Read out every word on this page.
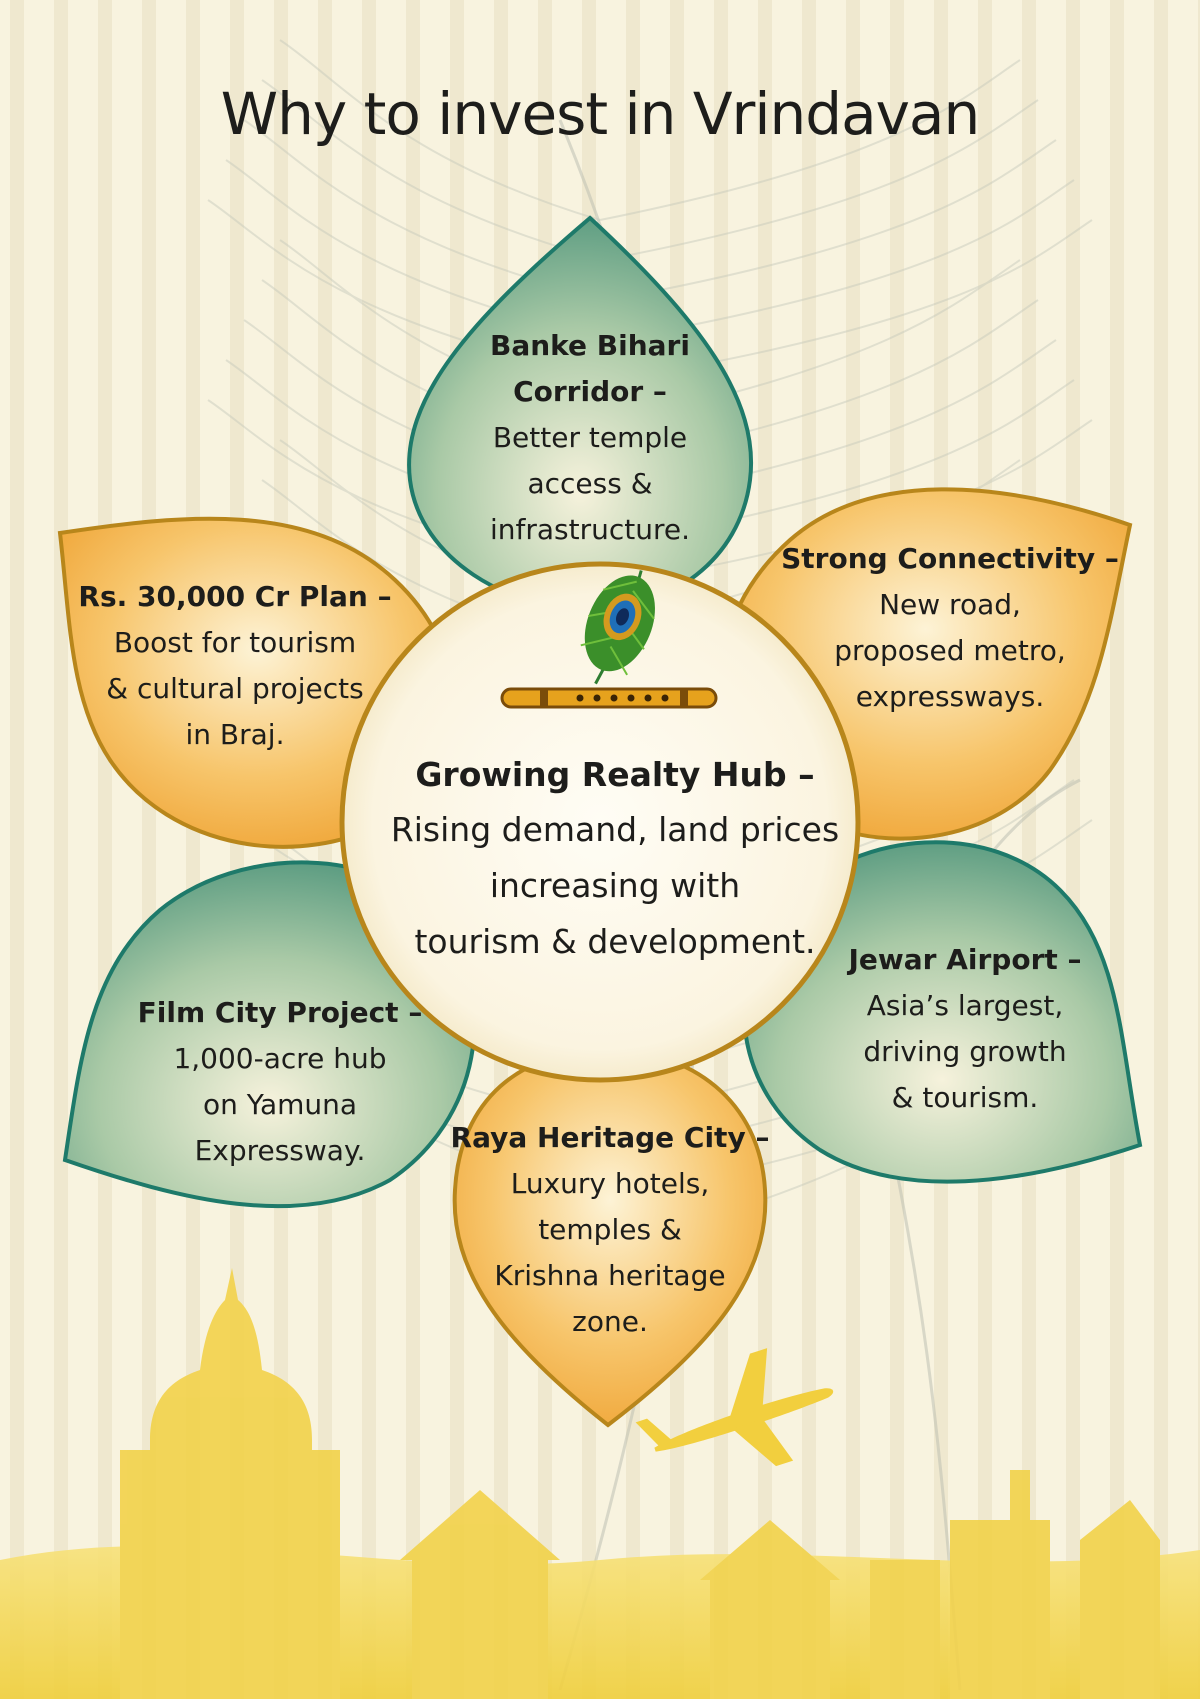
Why to invest in Vrindavan
Banke Bihari
Corridor –
Better temple
access &
infrastructure.
Rs. 30,000 Cr Plan –
Boost for tourism
& cultural projects
in Braj.
Strong Connectivity –
New road,
proposed metro,
expressways.
Film City Project –
1,000-acre hub
on Yamuna
Expressway.
Jewar Airport –
Asia’s largest,
driving growth
& tourism.
Raya Heritage City –
Luxury hotels,
temples &
Krishna heritage
zone.
Growing Realty Hub –
Rising demand, land prices
increasing with
tourism & development.
